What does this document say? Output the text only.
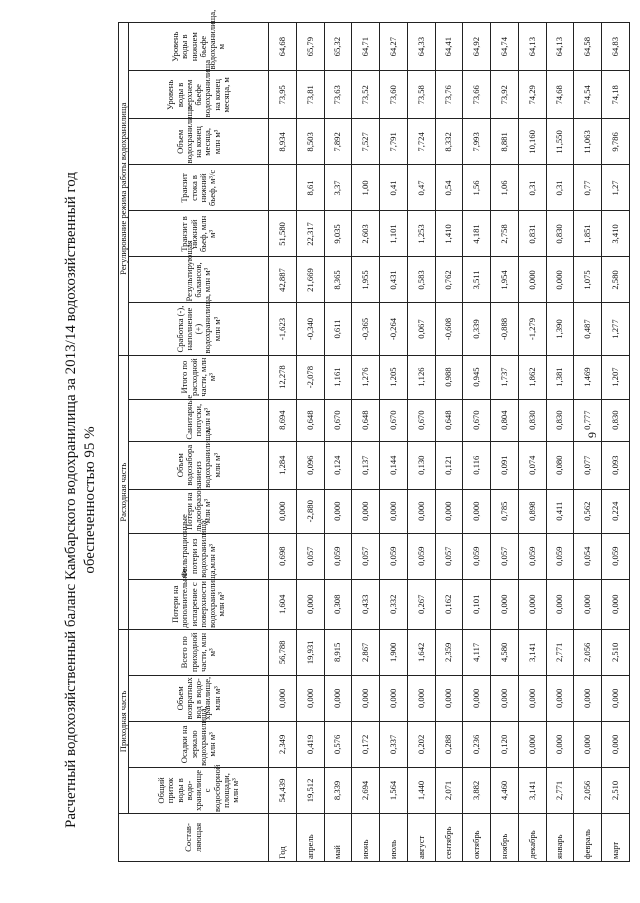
9
Расчетный водохозяйственный баланс Камбарского водохранилища за 2013/14 водохозяйственный год обеспеченностью 95 %
Состав-ляющая	Приходная часть				Расходная часть						Регулирование режима работы водохранилища						
	Общий приток воды в водо-хранилище с водосборной площади, млн м³	Осадки на зеркало водохранилища, млн м³	Объем возвратных вод в водо-хранилище, млн м³	Всего по приходной части, млн м³	Потери на дополнительное испарение с поверхности водохранилища, млн м³	Фильтрационные потери из водохранилища, млн м³	Потери на льдообразование, млн м³	Объем водозабора из водохранилища, млн м³	Санитарные попуски, млн м³	Итого по расходной части, млн м³	Сработка (-), наполнение (+) водохранилища, млн м³	Результирующая балансов, млн м³	Транзит в нижний бьеф, млн м³	Транзит стока в нижний бьеф, м³/с	Объем водохранилища на конец месяца, млн м³	Уровень воды в верхнем бьефе водохранилища на конец месяца, м	Уровень воды в нижнем бьефе водохранилища, м
Год	54,439	2,349	0,000	56,788	1,604	0,698	0,000	1,284	8,694	12,278	-1,623	42,887	51,580		8,934	73,95	64,68
апрель	19,512	0,419	0,000	19,931	0,000	0,057	-2,880	0,096	0,648	-2,078	-0,340	21,669	22,317	8,61	8,503	73,81	65,79
май	8,339	0,576	0,000	8,915	0,308	0,059	0,000	0,124	0,670	1,161	0,611	8,365	9,035	3,37	7,892	73,63	65,32
июнь	2,694	0,172	0,000	2,867	0,433	0,057	0,000	0,137	0,648	1,276	-0,365	1,955	2,603	1,00	7,527	73,52	64,71
июль	1,564	0,337	0,000	1,900	0,332	0,059	0,000	0,144	0,670	1,205	-0,264	0,431	1,101	0,41	7,791	73,60	64,27
август	1,440	0,202	0,000	1,642	0,267	0,059	0,000	0,130	0,670	1,126	0,067	0,583	1,253	0,47	7,724	73,58	64,33
сентябрь	2,071	0,288	0,000	2,359	0,162	0,057	0,000	0,121	0,648	0,988	-0,608	0,762	1,410	0,54	8,332	73,76	64,41
октябрь	3,882	0,236	0,000	4,117	0,101	0,059	0,000	0,116	0,670	0,945	0,339	3,511	4,181	1,56	7,993	73,66	64,92
ноябрь	4,460	0,120	0,000	4,580	0,000	0,057	0,785	0,091	0,804	1,737	-0,888	1,954	2,758	1,06	8,881	73,92	64,74
декабрь	3,141	0,000	0,000	3,141	0,000	0,059	0,898	0,074	0,830	1,862	-1,279	0,000	0,831	0,31	10,160	74,29	64,13
январь	2,771	0,000	0,000	2,771	0,000	0,059	0,411	0,080	0,830	1,381	1,390	0,000	0,830	0,31	11,550	74,68	64,13
февраль	2,056	0,000	0,000	2,056	0,000	0,054	0,562	0,077	0,777	1,469	0,487	1,075	1,851	0,77	11,063	74,54	64,58
март	2,510	0,000	0,000	2,510	0,000	0,059	0,224	0,093	0,830	1,207	1,277	2,580	3,410	1,27	9,786	74,18	64,83
